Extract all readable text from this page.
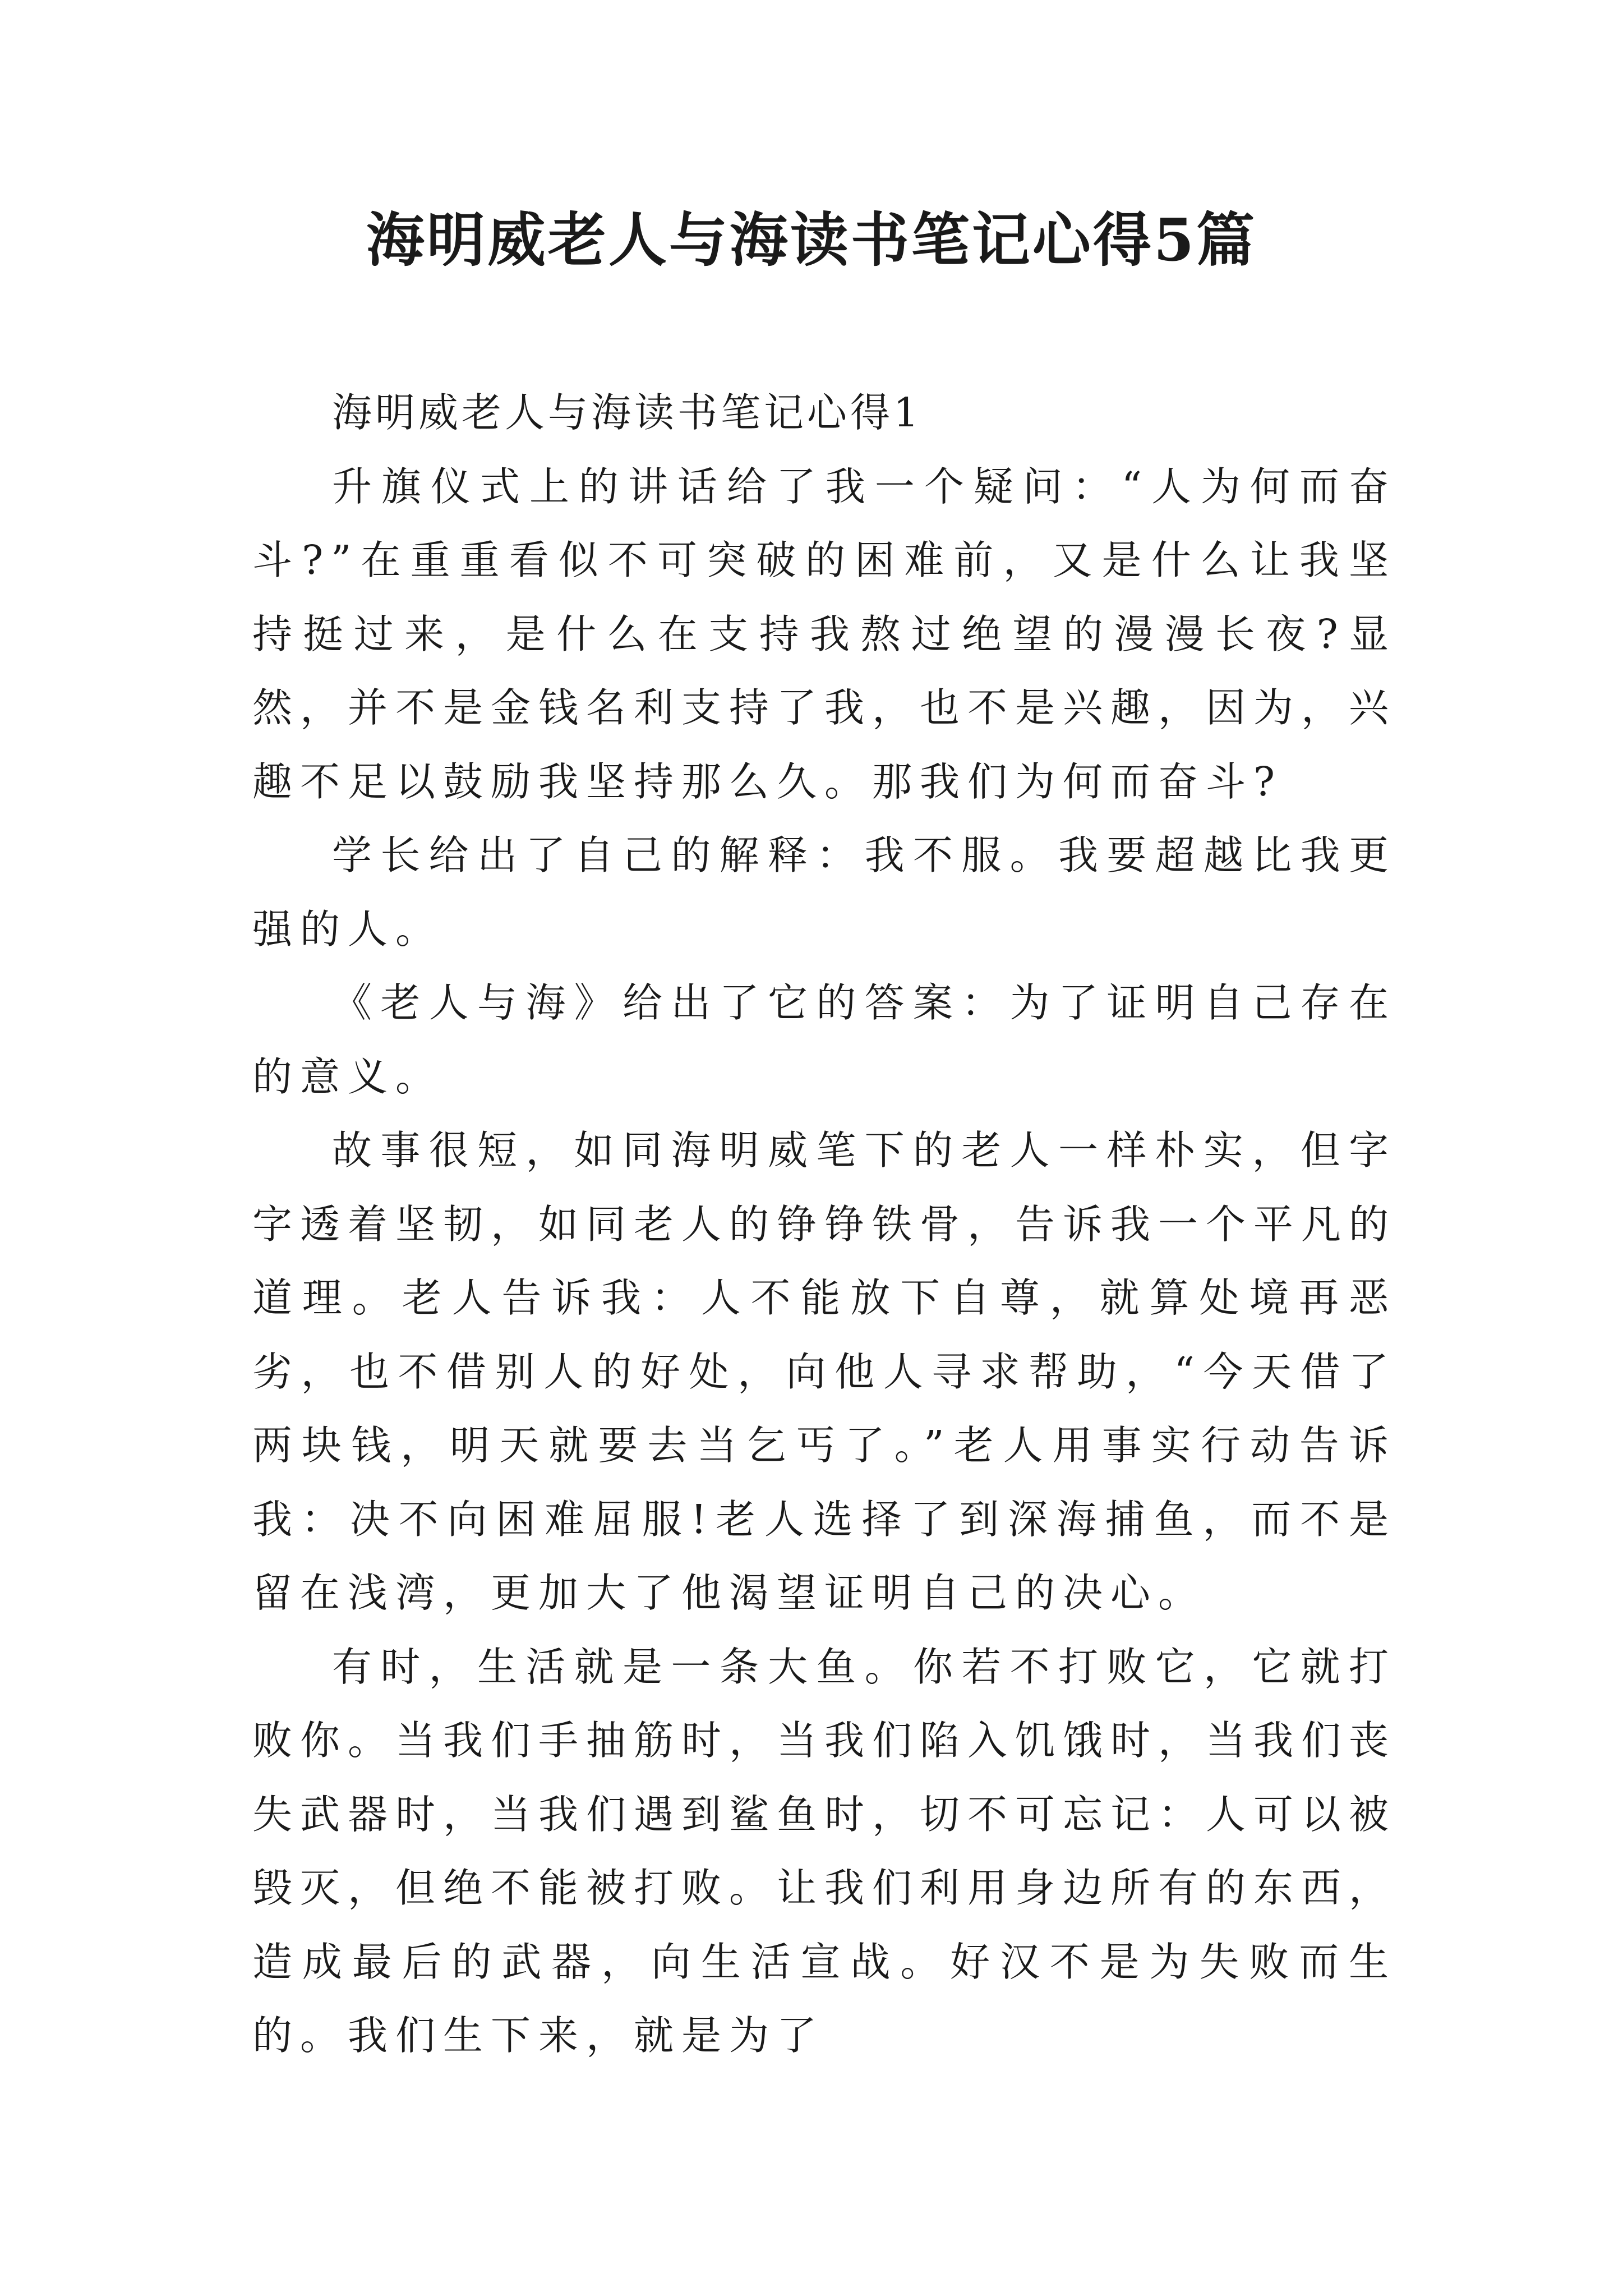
海明威老人与海读书笔记心得5篇

海明威老人与海读书笔记心得1

升旗仪式上的讲话给了我一个疑问：“人为何而奋斗?”在重重看似不可突破的困难前，又是什么让我坚持挺过来，是什么在支持我熬过绝望的漫漫长夜?显然，并不是金钱名利支持了我，也不是兴趣，因为，兴趣不足以鼓励我坚持那么久。那我们为何而奋斗?

学长给出了自己的解释：我不服。我要超越比我更强的人。

《老人与海》给出了它的答案：为了证明自己存在的意义。

故事很短，如同海明威笔下的老人一样朴实，但字字透着坚韧，如同老人的铮铮铁骨，告诉我一个平凡的道理。老人告诉我：人不能放下自尊，就算处境再恶劣，也不借别人的好处，向他人寻求帮助，“今天借了两块钱，明天就要去当乞丐了。”老人用事实行动告诉我：决不向困难屈服!老人选择了到深海捕鱼，而不是留在浅湾，更加大了他渴望证明自己的决心。

有时，生活就是一条大鱼。你若不打败它，它就打败你。当我们手抽筋时，当我们陷入饥饿时，当我们丧失武器时，当我们遇到鲨鱼时，切不可忘记：人可以被毁灭，但绝不能被打败。让我们利用身边所有的东西，造成最后的武器，向生活宣战。好汉不是为失败而生的。我们生下来，就是为了
